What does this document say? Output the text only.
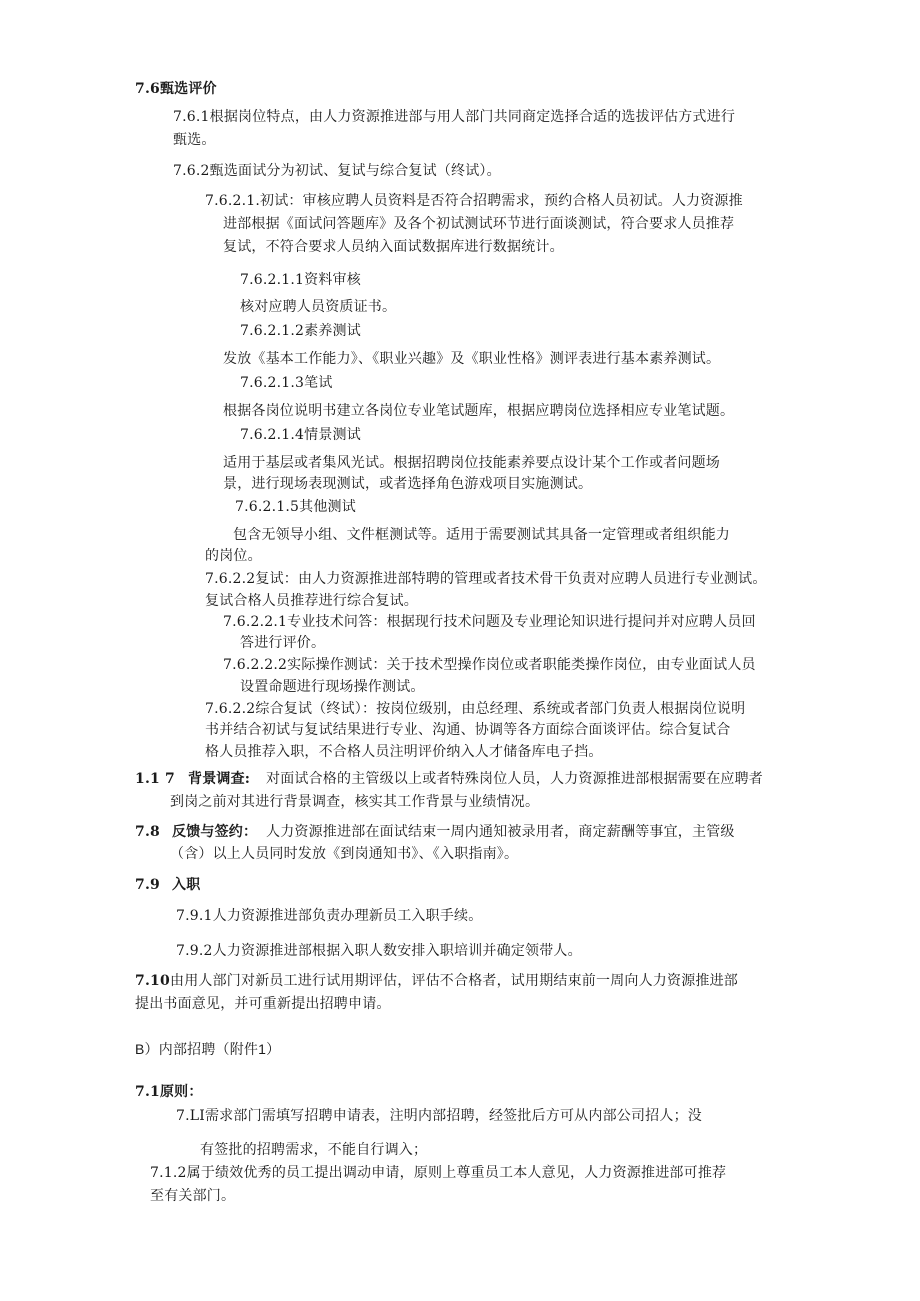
7.6甄选评价
7.6.1根据岗位特点，由人力资源推进部与用人部门共同商定选择合适的选拔评估方式进行
甄选。
7.6.2甄选面试分为初试、复试与综合复试（终试）。
7.6.2.1.初试：审核应聘人员资料是否符合招聘需求，预约合格人员初试。人力资源推
进部根据《面试问答题库》及各个初试测试环节进行面谈测试，符合要求人员推荐
复试，不符合要求人员纳入面试数据库进行数据统计。
7.6.2.1.1资料审核
核对应聘人员资质证书。
7.6.2.1.2素养测试
发放《基本工作能力》、《职业兴趣》及《职业性格》测评表进行基本素养测试。
7.6.2.1.3笔试
根据各岗位说明书建立各岗位专业笔试题库，根据应聘岗位选择相应专业笔试题。
7.6.2.1.4情景测试
适用于基层或者集风光试。根据招聘岗位技能素养要点设计某个工作或者问题场
景，进行现场表现测试，或者选择角色游戏项目实施测试。
7.6.2.1.5其他测试
包含无领导小组、文件框测试等。适用于需要测试其具备一定管理或者组织能力
的岗位。
7.6.2.2复试：由人力资源推进部特聘的管理或者技术骨干负责对应聘人员进行专业测试。
复试合格人员推荐进行综合复试。
7.6.2.2.1专业技术问答：根据现行技术问题及专业理论知识进行提问并对应聘人员回
答进行评价。
7.6.2.2.2实际操作测试：关于技术型操作岗位或者职能类操作岗位，由专业面试人员
设置命题进行现场操作测试。
7.6.2.2综合复试（终试）：按岗位级别，由总经理、系统或者部门负责人根据岗位说明
书并结合初试与复试结果进行专业、沟通、协调等各方面综合面谈评估。综合复试合
格人员推荐入职，不合格人员注明评价纳入人才储备库电子挡。
1.1 7 背景调查: 对面试合格的主管级以上或者特殊岗位人员，人力资源推进部根据需要在应聘者
到岗之前对其进行背景调查，核实其工作背景与业绩情况。
7.8 反馈与签约： 人力资源推进部在面试结束一周内通知被录用者，商定薪酬等事宜，主管级
（含）以上人员同时发放《到岗通知书》、《入职指南》。
7.9 入职
7.9.1人力资源推进部负责办理新员工入职手续。
7.9.2人力资源推进部根据入职人数安排入职培训并确定领带人。
7.10 由用人部门对新员工进行试用期评估，评估不合格者，试用期结束前一周向人力资源推进部
提出书面意见，并可重新提出招聘申请。
B）内部招聘（附件1）
7.1原则：
7.LI需求部门需填写招聘申请表，注明内部招聘，经签批后方可从内部公司招人；没
有签批的招聘需求，不能自行调入；
7.1.2属于绩效优秀的员工提出调动申请，原则上尊重员工本人意见，人力资源推进部可推荐
至有关部门。
